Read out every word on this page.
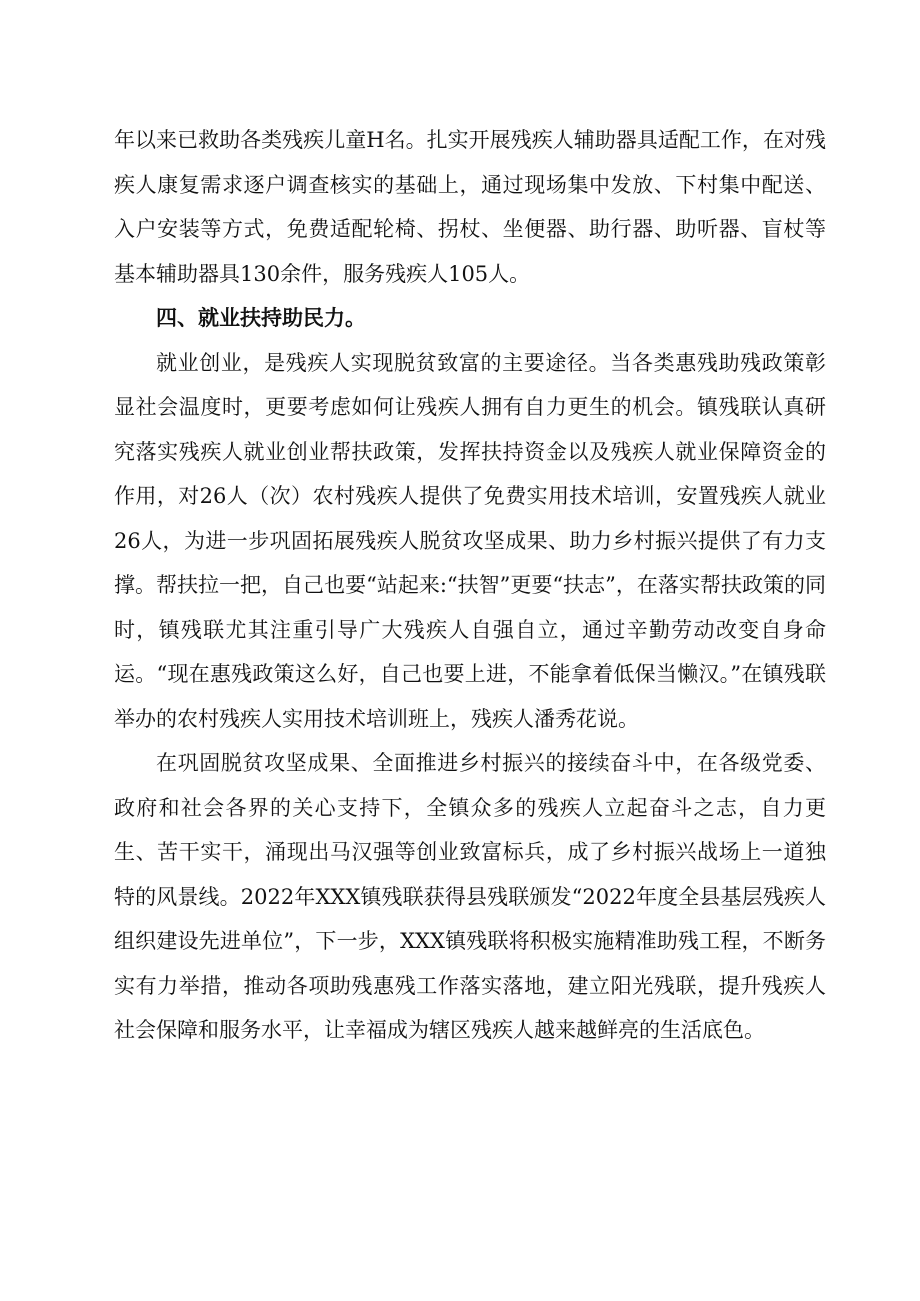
年以来已救助各类残疾儿童H名。扎实开展残疾人辅助器具适配工作，在对残疾人康复需求逐户调查核实的基础上，通过现场集中发放、下村集中配送、入户安装等方式，免费适配轮椅、拐杖、坐便器、助行器、助听器、盲杖等基本辅助器具130余件，服务残疾人105人。

四、就业扶持助民力。

就业创业，是残疾人实现脱贫致富的主要途径。当各类惠残助残政策彰显社会温度时，更要考虑如何让残疾人拥有自力更生的机会。镇残联认真研究落实残疾人就业创业帮扶政策，发挥扶持资金以及残疾人就业保障资金的作用，对26人（次）农村残疾人提供了免费实用技术培训，安置残疾人就业26人，为进一步巩固拓展残疾人脱贫攻坚成果、助力乡村振兴提供了有力支撑。帮扶拉一把，自己也要“站起来:“扶智”更要“扶志”，在落实帮扶政策的同时，镇残联尤其注重引导广大残疾人自强自立，通过辛勤劳动改变自身命运。“现在惠残政策这么好，自己也要上进，不能拿着低保当懒汉。”在镇残联举办的农村残疾人实用技术培训班上，残疾人潘秀花说。

在巩固脱贫攻坚成果、全面推进乡村振兴的接续奋斗中，在各级党委、政府和社会各界的关心支持下，全镇众多的残疾人立起奋斗之志，自力更生、苦干实干，涌现出马汉强等创业致富标兵，成了乡村振兴战场上一道独特的风景线。2022年XXX镇残联获得县残联颁发“2022年度全县基层残疾人组织建设先进单位”，下一步，XXX镇残联将积极实施精准助残工程，不断务实有力举措，推动各项助残惠残工作落实落地，建立阳光残联，提升残疾人社会保障和服务水平，让幸福成为辖区残疾人越来越鲜亮的生活底色。
